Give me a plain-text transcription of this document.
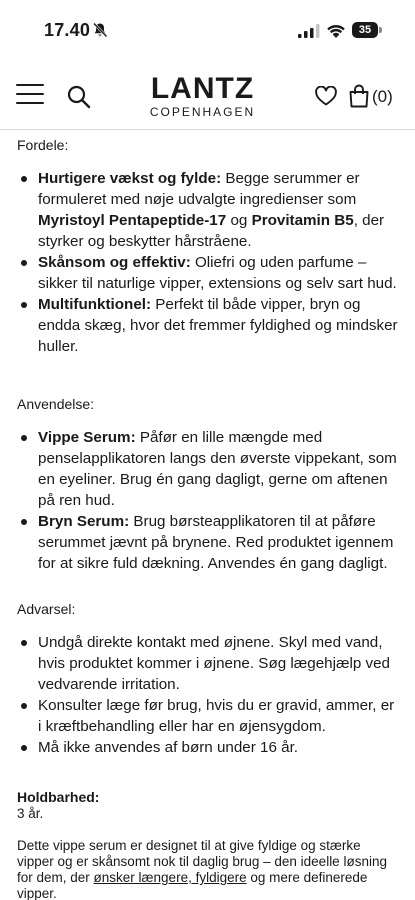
17.40	35
LANTZ
COPENHAGEN
(0)
Fordele:
Hurtigere vækst og fylde: Begge serummer er formuleret med nøje udvalgte ingredienser som Myristoyl Pentapeptide-17 og Provitamin B5, der styrker og beskytter hårstråene.
Skånsom og effektiv: Oliefri og uden parfume – sikker til naturlige vipper, extensions og selv sart hud.
Multifunktionel: Perfekt til både vipper, bryn og endda skæg, hvor det fremmer fyldighed og mindsker huller.
Anvendelse:
Vippe Serum: Påfør en lille mængde med penselapplikatoren langs den øverste vippekant, som en eyeliner. Brug én gang dagligt, gerne om aftenen på ren hud.
Bryn Serum: Brug børsteapplikatoren til at påføre serummet jævnt på brynene. Red produktet igennem for at sikre fuld dækning. Anvendes én gang dagligt.
Advarsel:
Undgå direkte kontakt med øjnene. Skyl med vand, hvis produktet kommer i øjnene. Søg lægehjælp ved vedvarende irritation.
Konsulter læge før brug, hvis du er gravid, ammer, er i kræftbehandling eller har en øjensygdom.
Må ikke anvendes af børn under 16 år.
Holdbarhed:
3 år.
Dette vippe serum er designet til at give fyldige og stærke vipper og er skånsomt nok til daglig brug – den ideelle løsning for dem, der ønsker længere, fyldigere og mere definerede vipper.
